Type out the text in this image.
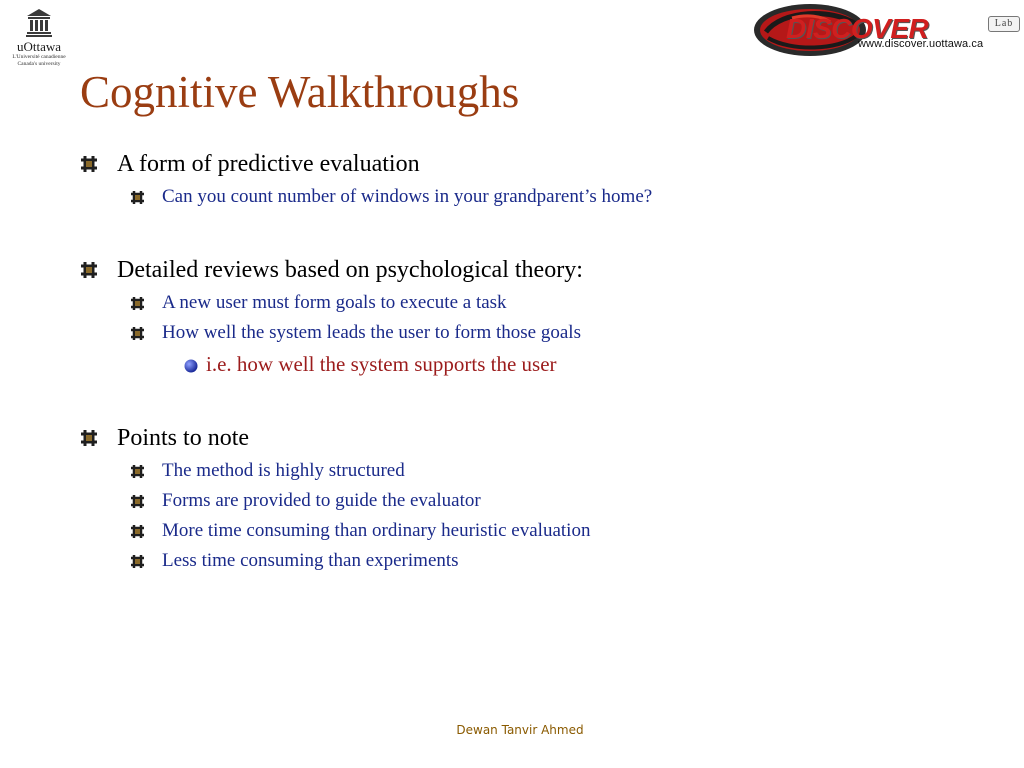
uOttawa
L'Université canadienne
Canada's university
DISCOVER	Lab
www.discover.uottawa.ca
Cognitive Walkthroughs
A form of predictive evaluation
Can you count number of windows in your grandparent’s home?
Detailed reviews based on psychological theory:
A new user must form goals to execute a task
How well the system leads the user to form those goals
i.e. how well the system supports the user
Points to note
The method is highly structured
Forms are provided to guide the evaluator
More time consuming than ordinary heuristic evaluation
Less time consuming than experiments
Dewan Tanvir Ahmed
